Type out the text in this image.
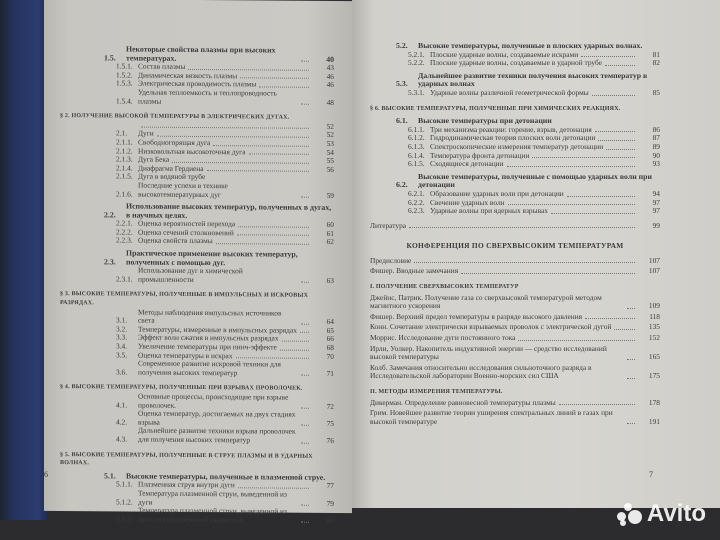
1.5.
Некоторые свойства плазмы при высоких температурах.	40
1.5.1. Состав плазмы	43
1.5.2. Динамическая вязкость плазмы	46
1.5.3. Электрическая проводимость плазмы	46
1.5.4.
Удельная теплоемкость и теплопроводность плазмы	48
§ 2. ПОЛУЧЕНИЕ ВЫСОКОЙ ТЕМПЕРАТУРЫ В ЭЛЕКТРИЧЕСКИХ ДУГАХ.
52
2.1.	Дуги	52
2.1.1. Свободногорящая дуга	53
2.1.2. Низковольтная высокоточная дуга	54
2.1.3. Дуга Бека	55
2.1.4. Диафрагма Гердиена	56
2.1.5. Дуга в водяной трубе
2.1.6.
Последние успехи в технике высокотемпературных дуг	59
2.2.
Использование высоких температур, полученных в дугах, в научных целях.
2.2.1. Оценка вероятностей перехода	60
2.2.2. Оценка сечений столкновений	61
2.2.3. Оценка свойств плазмы	62
2.3.
Практическое применение высоких температур, полученных с помощью дуг.
2.3.1.
Использование дуг в химической промышленности	63
§ 3. ВЫСОКИЕ ТЕМПЕРАТУРЫ, ПОЛУЧЕННЫЕ В ИМПУЛЬСНЫХ И ИСКРОВЫХ РАЗРЯДАХ.
3.1.
Методы наблюдения импульсных источников света	64
3.2.	Температуры, измеренные в импульсных разрядах	65
3.3.	Эффект волн сжатия в импульсных разрядах	66
3.4.	Увеличение температуры при пинч-эффекте	68
3.5.	Оценка температуры в искрах	70
3.6.
Современное развитие искровой техники для получения высоких температур	71
§ 4. ВЫСОКИЕ ТЕМПЕРАТУРЫ, ПОЛУЧЕННЫЕ ПРИ ВЗРЫВАХ ПРОВОЛОЧЕК.
4.1.
Основные процессы, происходящие при взрыве проволочек.	72
4.2.
Оценка температур, достигаемых на двух стадиях взрыва	75
4.3.
Дальнейшее развитие техники взрыва проволочек для получения высоких температур	76
§ 5. ВЫСОКИЕ ТЕМПЕРАТУРЫ, ПОЛУЧЕННЫЕ В СТРУЕ ПЛАЗМЫ И В УДАРНЫХ ВОЛНАХ.
5.1.	Высокие температуры, полученные в плазменной струе.
5.1.1. Плазменная струя внутри дуги	77
5.1.2.
Температура плазменной струи, выведенной из дуги	79
5.1.3.
Температура плазменной струи, выведенной из дуги со сверхзвуковой скоростью	80
6
5.2.	Высокие температуры, полученные в плоских ударных волнах.
5.2.1. Плоские ударные волны, создаваемые искрами	81
5.2.2. Плоские ударные волны, создаваемые в ударной трубе	82
5.3.
Дальнейшее развитие техники получения высоких температур в ударных волнах
5.3.1. Ударные волны различной геометрической формы	85
§ 6. ВЫСОКИЕ ТЕМПЕРАТУРЫ, ПОЛУЧЕННЫЕ ПРИ ХИМИЧЕСКИХ РЕАКЦИЯХ.
6.1.	Высокие температуры при детонации
6.1.1. Три механизма реакции: горение, взрыв, детонация	86
6.1.2. Гидродинамическая теория плоских волн детонации	87
6.1.3. Спектроскопические измерения температур детонации	89
6.1.4. Температура фронта детонации	90
6.1.5. Сходящиеся детонации	93
6.2.
Высокие температуры, полученные с помощью ударных волн при детонации
6.2.1. Образование ударных волн при детонации	94
6.2.2. Свечение ударных волн	97
6.2.3. Ударные волны при ядерных взрывах	97
Литература	99
КОНФЕРЕНЦИЯ ПО СВЕРХВЫСОКИМ ТЕМПЕРАТУРАМ
Предисловие	107
Фишер. Вводные замечания	107
I. ПОЛУЧЕНИЕ СВЕРХВЫСОКИХ ТЕМПЕРАТУР
Джейнс, Патрик. Получение газа со сверхвысокой температурой методом магнитного ускорения	109
Фишер. Верхний предел температуры в разряде высокого давления	118
Конн. Сочетание электрически взрываемых проволок с электрической дугой	135
Моррис. Исследование дуги постоянного тока	152
Ирли, Уолкер. Накопитель индуктивной энергии — средство исследований высокой температуры	165
Колб. Замечания относительно исследования сильноточного разряда в Исследовательской лаборатории Военно-морских сил США	175
II. МЕТОДЫ ИЗМЕРЕНИЯ ТЕМПЕРАТУРЫ.
Дикерман. Определение равновесной температуры плазмы	178
Грим. Новейшее развитие теории уширения спектральных линий в газах при высокой температуре	191
7
Avito
